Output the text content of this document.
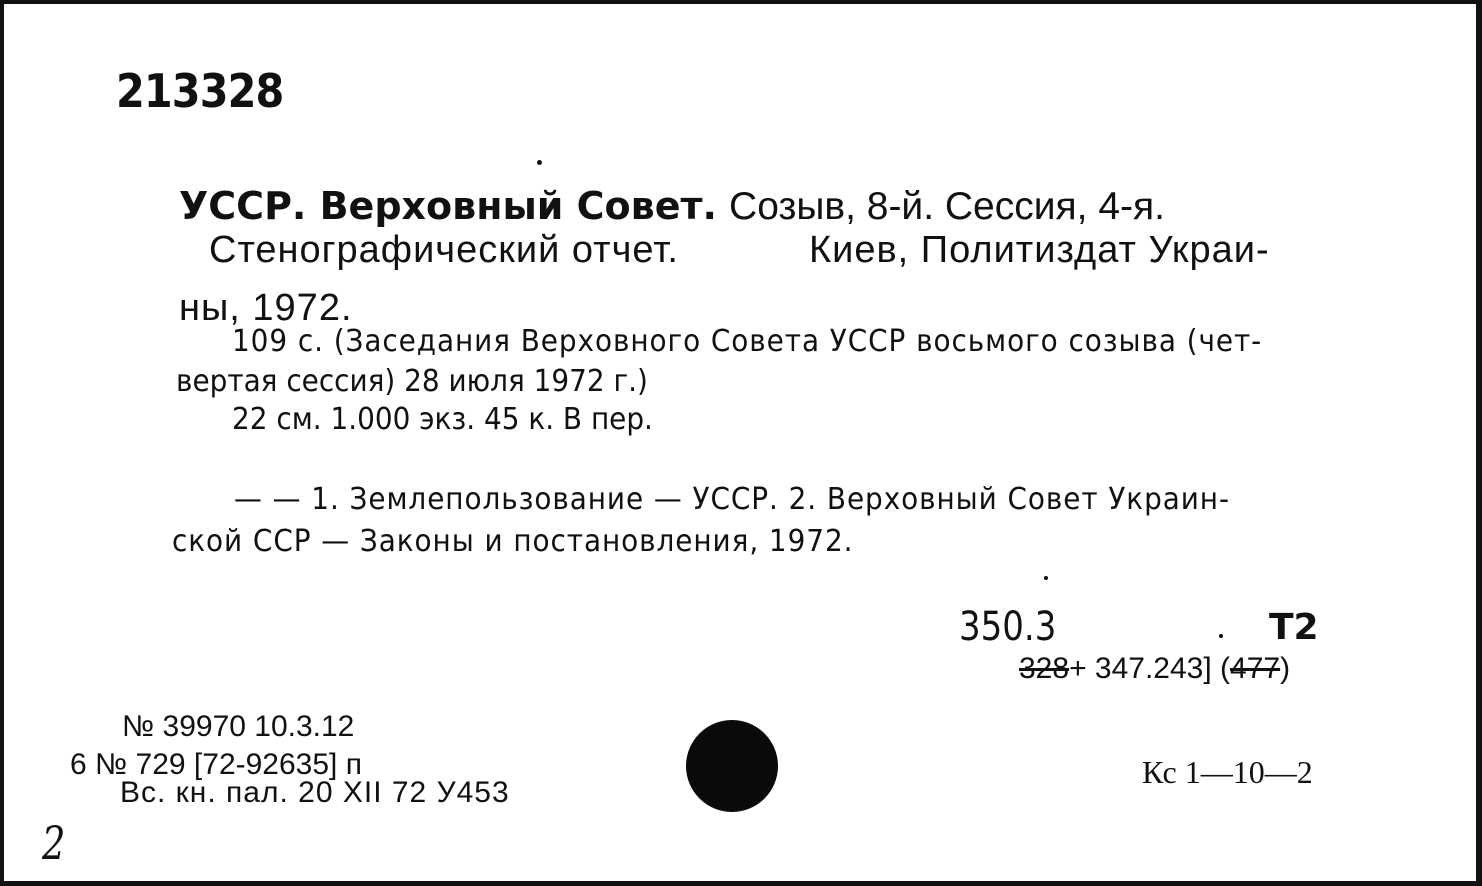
213328
УССР. Верховный Совет. Созыв, 8-й. Сессия, 4-я.
Стенографический отчет.	Киев, Политиздат Украи-
ны, 1972.
109 с. (Заседания Верховного Совета УССР восьмого созыва (чет-
вертая сессия) 28 июля 1972 г.)
22 см. 1.000 экз. 45 к. В пер.
— — 1. Землепользование — УССР. 2. Верховный Совет Украин-
ской ССР — Законы и постановления, 1972.
350.3	Т2
328+ 347.243] (477)
№ 39970 10.3.12
6 № 729 [72-92635] п
Вс. кн. пал. 20 XII 72 У453
Кс 1—10—2
2
